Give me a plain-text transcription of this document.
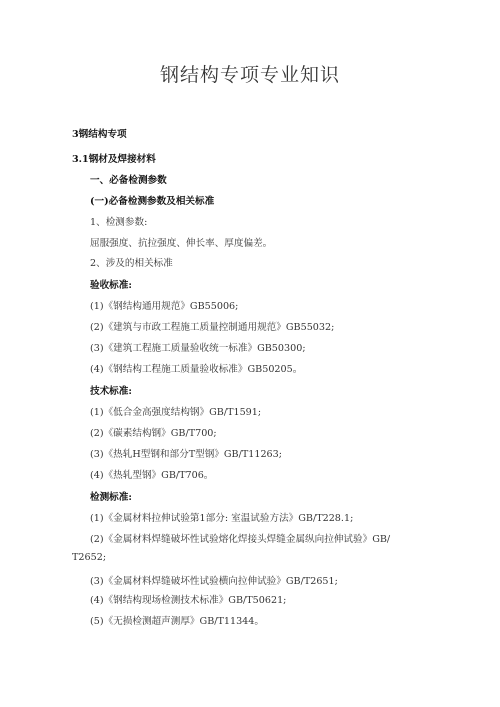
钢结构专项专业知识
3钢结构专项
3.1钢材及焊接材料
一、必备检测参数
(一)必备检测参数及相关标准
1、检测参数:
屈服强度、抗拉强度、伸长率、厚度偏差。
2、涉及的相关标准
验收标准:
(1)《钢结构通用规范》GB55006;
(2)《建筑与市政工程施工质量控制通用规范》GB55032;
(3)《建筑工程施工质量验收统一标准》GB50300;
(4)《钢结构工程施工质量验收标准》GB50205。
技术标准:
(1)《低合金高强度结构钢》GB/T1591;
(2)《碳素结构钢》GB/T700;
(3)《热轧H型钢和部分T型钢》GB/T11263;
(4)《热轧型钢》GB/T706。
检测标准:
(1)《金属材料拉伸试验第1部分: 室温试验方法》GB/T228.1;
(2)《金属材料焊缝破坏性试验熔化焊接头焊缝金属纵向拉伸试验》GB/
T2652;
(3)《金属材料焊缝破坏性试验横向拉伸试验》GB/T2651;
(4)《钢结构现场检测技术标准》GB/T50621;
(5)《无损检测超声测厚》GB/T11344。
